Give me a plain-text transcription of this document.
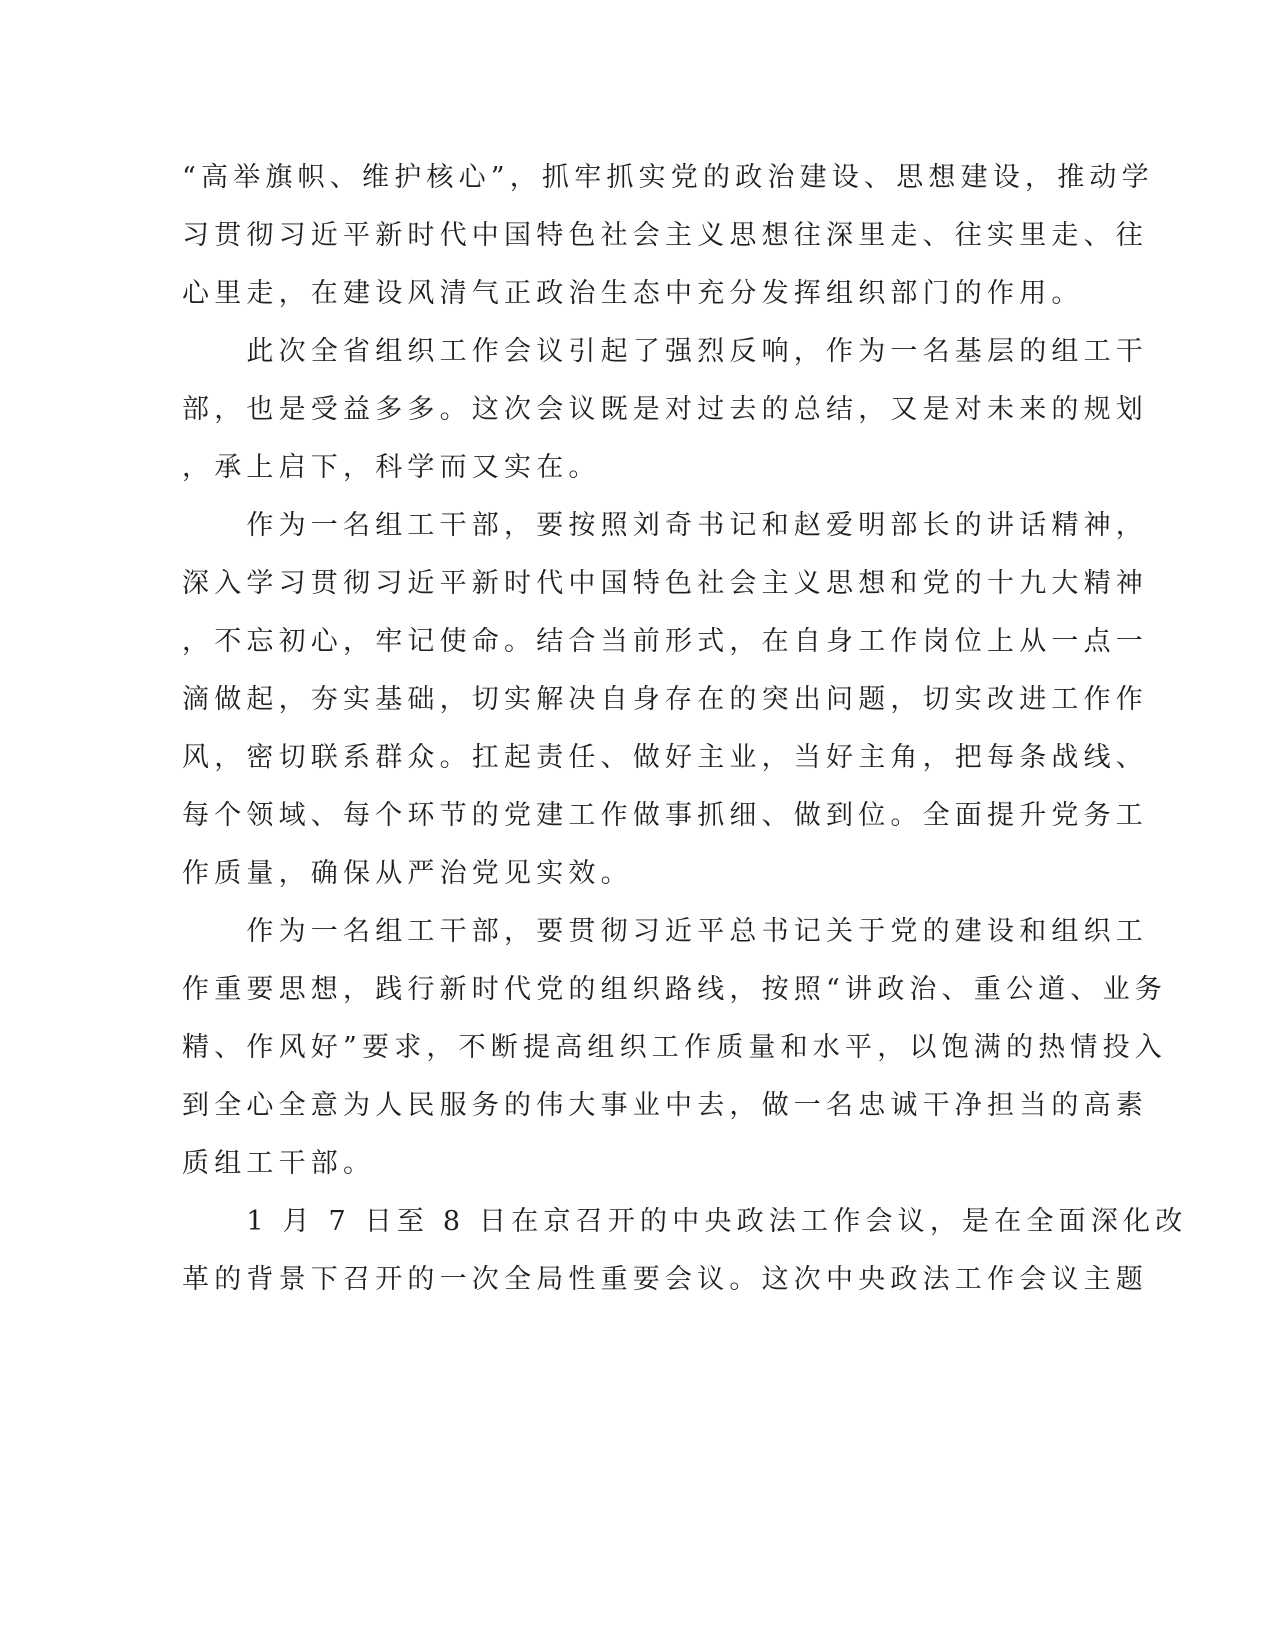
“高举旗帜、维护核心”，抓牢抓实党的政治建设、思想建设，推动学
习贯彻习近平新时代中国特色社会主义思想往深里走、往实里走、往
心里走，在建设风清气正政治生态中充分发挥组织部门的作用。
　　此次全省组织工作会议引起了强烈反响，作为一名基层的组工干
部，也是受益多多。这次会议既是对过去的总结，又是对未来的规划
，承上启下，科学而又实在。
　　作为一名组工干部，要按照刘奇书记和赵爱明部长的讲话精神，
深入学习贯彻习近平新时代中国特色社会主义思想和党的十九大精神
，不忘初心，牢记使命。结合当前形式，在自身工作岗位上从一点一
滴做起，夯实基础，切实解决自身存在的突出问题，切实改进工作作
风，密切联系群众。扛起责任、做好主业，当好主角，把每条战线、
每个领域、每个环节的党建工作做事抓细、做到位。全面提升党务工
作质量，确保从严治党见实效。
　　作为一名组工干部，要贯彻习近平总书记关于党的建设和组织工
作重要思想，践行新时代党的组织路线，按照“讲政治、重公道、业务
精、作风好”要求，不断提高组织工作质量和水平，以饱满的热情投入
到全心全意为人民服务的伟大事业中去，做一名忠诚干净担当的高素
质组工干部。
　　1 月 7 日至 8 日在京召开的中央政法工作会议，是在全面深化改
革的背景下召开的一次全局性重要会议。这次中央政法工作会议主题
